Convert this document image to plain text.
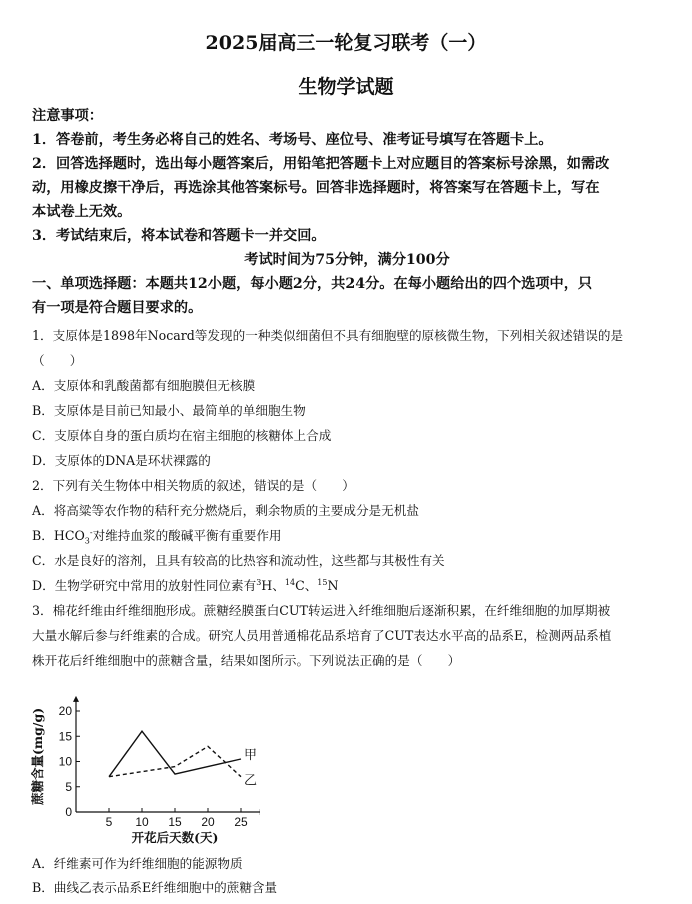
2025届高三一轮复习联考（一）
生物学试题
注意事项：
1．答卷前，考生务必将自己的姓名、考场号、座位号、准考证号填写在答题卡上。
2．回答选择题时，选出每小题答案后，用铅笔把答题卡上对应题目的答案标号涂黑，如需改
动，用橡皮擦干净后，再选涂其他答案标号。回答非选择题时，将答案写在答题卡上，写在
本试卷上无效。
3．考试结束后，将本试卷和答题卡一并交回。
考试时间为75分钟，满分100分
一、单项选择题：本题共12小题，每小题2分，共24分。在每小题给出的四个选项中，只
有一项是符合题目要求的。
1．支原体是1898年Nocard等发现的一种类似细菌但不具有细胞壁的原核微生物，下列相关叙述错误的是
（　　）
A．支原体和乳酸菌都有细胞膜但无核膜
B．支原体是目前已知最小、最简单的单细胞生物
C．支原体自身的蛋白质均在宿主细胞的核糖体上合成
D．支原体的DNA是环状裸露的
2．下列有关生物体中相关物质的叙述，错误的是（　　）
A．将高粱等农作物的秸秆充分燃烧后，剩余物质的主要成分是无机盐
B．$HCO_3^-$对维持血浆的酸碱平衡有重要作用
C．水是良好的溶剂，且具有较高的比热容和流动性，这些都与其极性有关
D．生物学研究中常用的放射性同位素有$^3$H、$^{14}$C、$^{15}$N
3．棉花纤维由纤维细胞形成。蔗糖经膜蛋白CUT转运进入纤维细胞后逐渐积累，在纤维细胞的加厚期被
大量水解后参与纤维素的合成。研究人员用普通棉花品系培育了CUT表达水平高的品系E，检测两品系植
株开花后纤维细胞中的蔗糖含量，结果如图所示。下列说法正确的是（　　）
0
5
10
15
20
5 10 15 20 25
开花后天数(天)
蔗糖含量(mg/g)	甲
乙
A．纤维素可作为纤维细胞的能源物质
B．曲线乙表示品系E纤维细胞中的蔗糖含量
